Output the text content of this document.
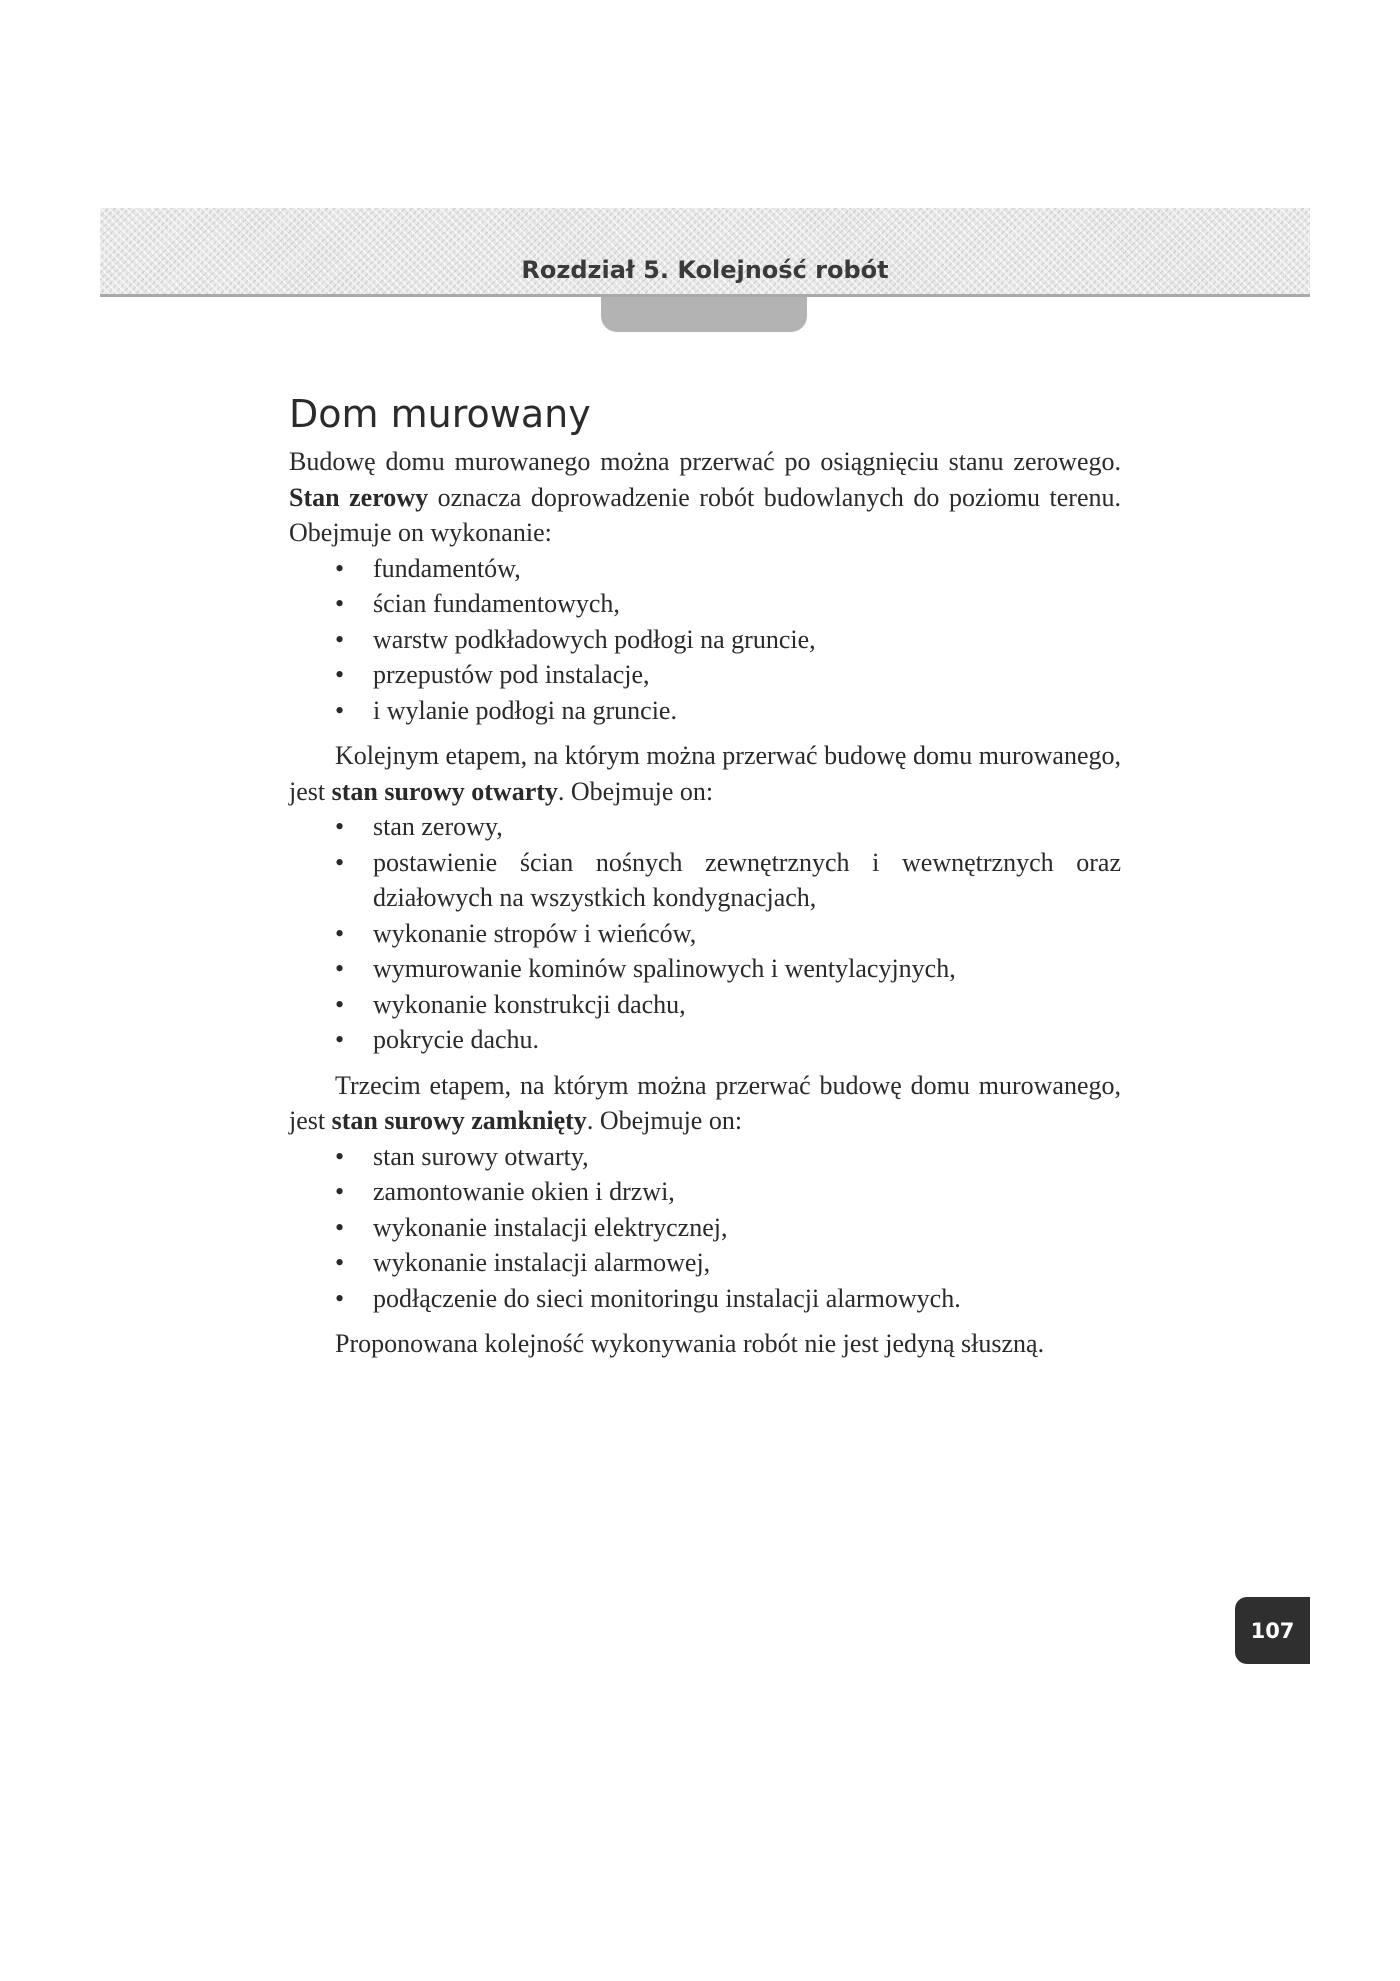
Rozdział 5. Kolejność robót
Dom murowany

Budowę domu murowanego można przerwać po osiągnięciu stanu zerowego. Stan zerowy oznacza doprowadzenie robót budowlanych do poziomu terenu. Obejmuje on wykonanie:

• fundamentów,
• ścian fundamentowych,
• warstw podkładowych podłogi na gruncie,
• przepustów pod instalacje,
• i wylanie podłogi na gruncie.

Kolejnym etapem, na którym można przerwać budowę domu murowanego, jest stan surowy otwarty. Obejmuje on:

• stan zerowy,
• postawienie ścian nośnych zewnętrznych i wewnętrznych oraz działowych na wszystkich kondygnacjach,
• wykonanie stropów i wieńców,
• wymurowanie kominów spalinowych i wentylacyjnych,
• wykonanie konstrukcji dachu,
• pokrycie dachu.

Trzecim etapem, na którym można przerwać budowę domu murowanego, jest stan surowy zamknięty. Obejmuje on:

• stan surowy otwarty,
• zamontowanie okien i drzwi,
• wykonanie instalacji elektrycznej,
• wykonanie instalacji alarmowej,
• podłączenie do sieci monitoringu instalacji alarmowych.

Proponowana kolejność wykonywania robót nie jest jedyną słuszną.

107
